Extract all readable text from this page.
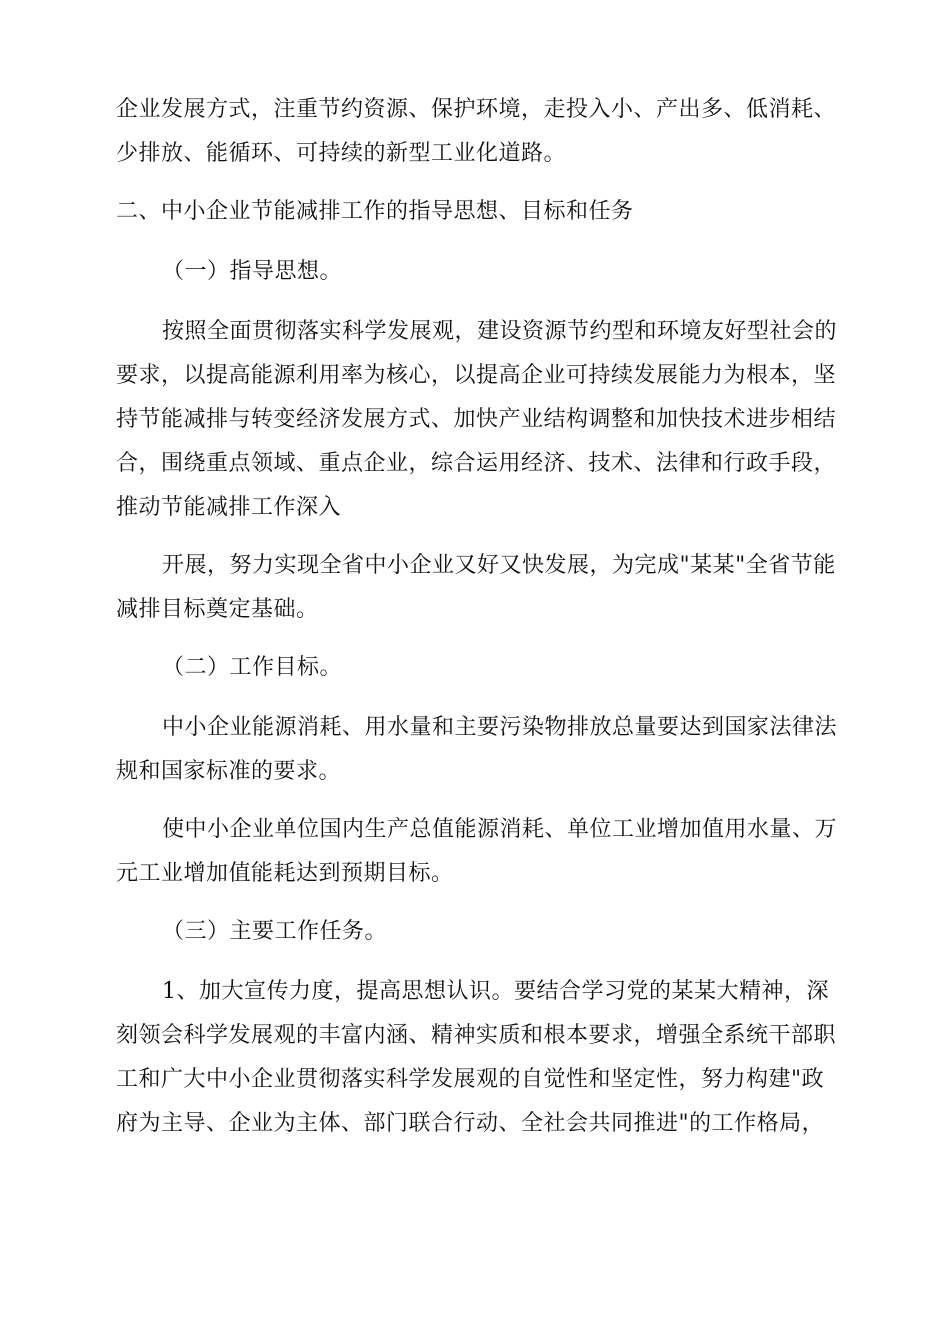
企业发展方式，注重节约资源、保护环境，走投入小、产出多、低消耗、
少排放、能循环、可持续的新型工业化道路。

二、中小企业节能减排工作的指导思想、目标和任务

（一）指导思想。

按照全面贯彻落实科学发展观，建设资源节约型和环境友好型社会的
要求，以提高能源利用率为核心，以提高企业可持续发展能力为根本，坚
持节能减排与转变经济发展方式、加快产业结构调整和加快技术进步相结
合，围绕重点领域、重点企业，综合运用经济、技术、法律和行政手段，
推动节能减排工作深入

开展，努力实现全省中小企业又好又快发展，为完成"某某"全省节能
减排目标奠定基础。

（二）工作目标。

中小企业能源消耗、用水量和主要污染物排放总量要达到国家法律法
规和国家标准的要求。

使中小企业单位国内生产总值能源消耗、单位工业增加值用水量、万
元工业增加值能耗达到预期目标。

（三）主要工作任务。

1、加大宣传力度，提高思想认识。要结合学习党的某某大精神，深
刻领会科学发展观的丰富内涵、精神实质和根本要求，增强全系统干部职
工和广大中小企业贯彻落实科学发展观的自觉性和坚定性，努力构建"政
府为主导、企业为主体、部门联合行动、全社会共同推进"的工作格局，
